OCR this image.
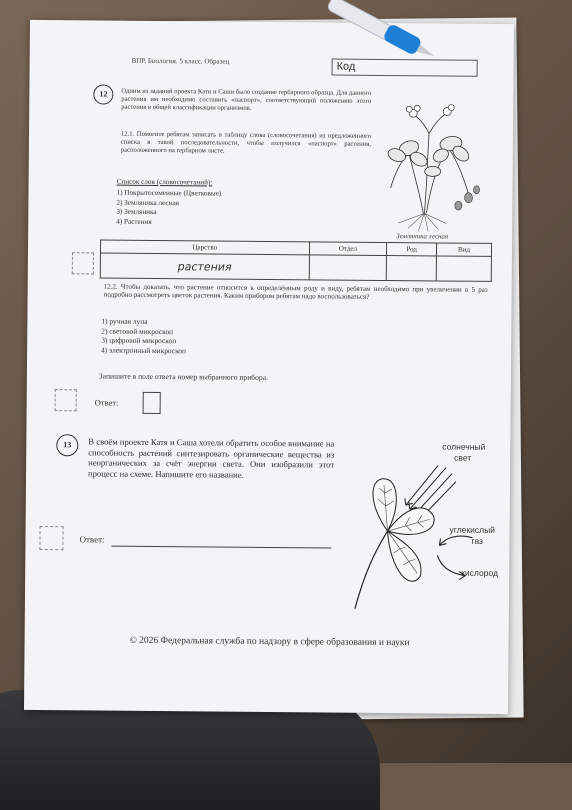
ВПР. Биология. 5 класс. Образец	Код
12	Одним из заданий проекта Кати и Саши было создание гербарного образца. Для данного растения им необходимо составить «паспорт», соответствующий положению этого растения в общей классификации организмов.
12.1. Помогите ребятам записать в таблицу слова (словосочетания) из предложенного списка в такой последовательности, чтобы получился «паспорт» растения, расположенного на гербарном листе.
Список слов (словосочетаний):
1) Покрытосеменные (Цветковые)
2) Земляника лесная
3) Земляника
4) Растения
Земляника лесная
Царство	Отдел	Род	Вид
растения			
12.2. Чтобы доказать, что растение относится к определённым роду и виду, ребятам необходимо при увеличении в 5 раз подробно рассмотреть цветок растения. Каким прибором ребятам надо воспользоваться?
1) ручная лупа
2) световой микроскоп
3) цифровой микроскоп
4) электронный микроскоп
Запишите в поле ответа номер выбранного прибора.
Ответ:
13	В своём проекте Катя и Саша хотели обратить особое внимание на способность растений синтезировать органические вещества из неорганических за счёт энергии света. Они изобразили этот процесс на схеме. Напишите его название.
солнечный
свет
углекислый
газ
кислород
Ответ:
© 2026 Федеральная служба по надзору в сфере образования и науки
